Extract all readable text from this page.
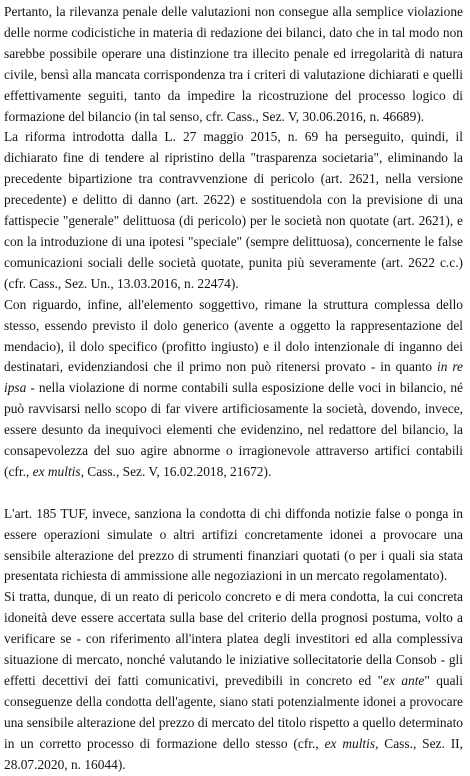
Pertanto, la rilevanza penale delle valutazioni non consegue alla semplice violazione delle norme codicistiche in materia di redazione dei bilanci, dato che in tal modo non sarebbe possibile operare una distinzione tra illecito penale ed irregolarità di natura civile, bensì alla mancata corrispondenza tra i criteri di valutazione dichiarati e quelli effettivamente seguiti, tanto da impedire la ricostruzione del processo logico di formazione del bilancio (in tal senso, cfr. Cass., Sez. V, 30.06.2016, n. 46689).

La riforma introdotta dalla L. 27 maggio 2015, n. 69 ha perseguito, quindi, il dichiarato fine di tendere al ripristino della "trasparenza societaria", eliminando la precedente bipartizione tra contravvenzione di pericolo (art. 2621, nella versione precedente) e delitto di danno (art. 2622) e sostituendola con la previsione di una fattispecie "generale" delittuosa (di pericolo) per le società non quotate (art. 2621), e con la introduzione di una ipotesi "speciale" (sempre delittuosa), concernente le false comunicazioni sociali delle società quotate, punita più severamente (art. 2622 c.c.) (cfr. Cass., Sez. Un., 13.03.2016, n. 22474).

Con riguardo, infine, all'elemento soggettivo, rimane la struttura complessa dello stesso, essendo previsto il dolo generico (avente a oggetto la rappresentazione del mendacio), il dolo specifico (profitto ingiusto) e il dolo intenzionale di inganno dei destinatari, evidenziandosi che il primo non può ritenersi provato - in quanto in re ipsa - nella violazione di norme contabili sulla esposizione delle voci in bilancio, né può ravvisarsi nello scopo di far vivere artificiosamente la società, dovendo, invece, essere desunto da inequivoci elementi che evidenzino, nel redattore del bilancio, la consapevolezza del suo agire abnorme o irragionevole attraverso artifici contabili (cfr., ex multis, Cass., Sez. V, 16.02.2018, 21672).

L'art. 185 TUF, invece, sanziona la condotta di chi diffonda notizie false o ponga in essere operazioni simulate o altri artifizi concretamente idonei a provocare una sensibile alterazione del prezzo di strumenti finanziari quotati (o per i quali sia stata presentata richiesta di ammissione alle negoziazioni in un mercato regolamentato).

Si tratta, dunque, di un reato di pericolo concreto e di mera condotta, la cui concreta idoneità deve essere accertata sulla base del criterio della prognosi postuma, volto a verificare se - con riferimento all'intera platea degli investitori ed alla complessiva situazione di mercato, nonché valutando le iniziative sollecitatorie della Consob - gli effetti decettivi dei fatti comunicativi, prevedibili in concreto ed "ex ante" quali conseguenze della condotta dell'agente, siano stati potenzialmente idonei a provocare una sensibile alterazione del prezzo di mercato del titolo rispetto a quello determinato in un corretto processo di formazione dello stesso (cfr., ex multis, Cass., Sez. II, 28.07.2020, n. 16044).
